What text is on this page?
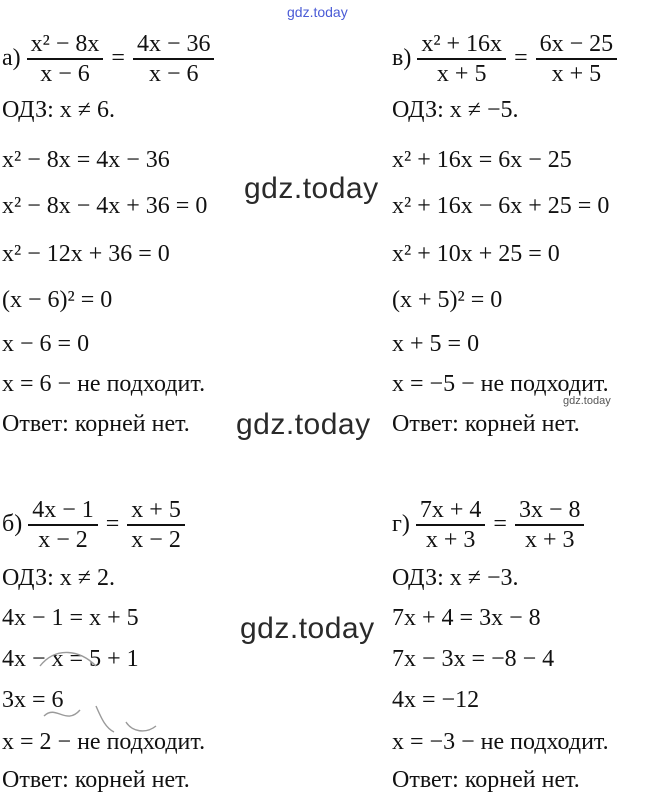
gdz.today
$а) \frac{\text{x² − 8x}}{x - 6} = \frac{4x - 36}{x - 6}$
ОДЗ: x ≠ 6.
x² − 8x = 4x − 36
x² − 8x − 4x + 36 = 0
x² − 12x + 36 = 0
(x − 6)² = 0
x − 6 = 0
x = 6 − не подходит.
Ответ: корней нет.
$в) \frac{\text{x² + 16x}}{x + 5} = \frac{6x - 25}{x + 5}$
ОДЗ: x ≠ −5.
x² + 16x = 6x − 25
x² + 16x − 6x + 25 = 0
x² + 10x + 25 = 0
(x + 5)² = 0
x + 5 = 0
x = −5 − не подходит.
Ответ: корней нет.
$б) \frac{4x - 1}{x - 2} = \frac{x + 5}{x - 2}$
ОДЗ: x ≠ 2.
4x − 1 = x + 5
4x − x = 5 + 1
3x = 6
x = 2 − не подходит.
Ответ: корней нет.
$г) \frac{7x + 4}{x + 3} = \frac{3x - 8}{x + 3}$
ОДЗ: x ≠ −3.
7x + 4 = 3x − 8
7x − 3x = −8 − 4
4x = −12
x = −3 − не подходит.
Ответ: корней нет.
gdz.today
gdz.today
gdz.today
gdz.today
